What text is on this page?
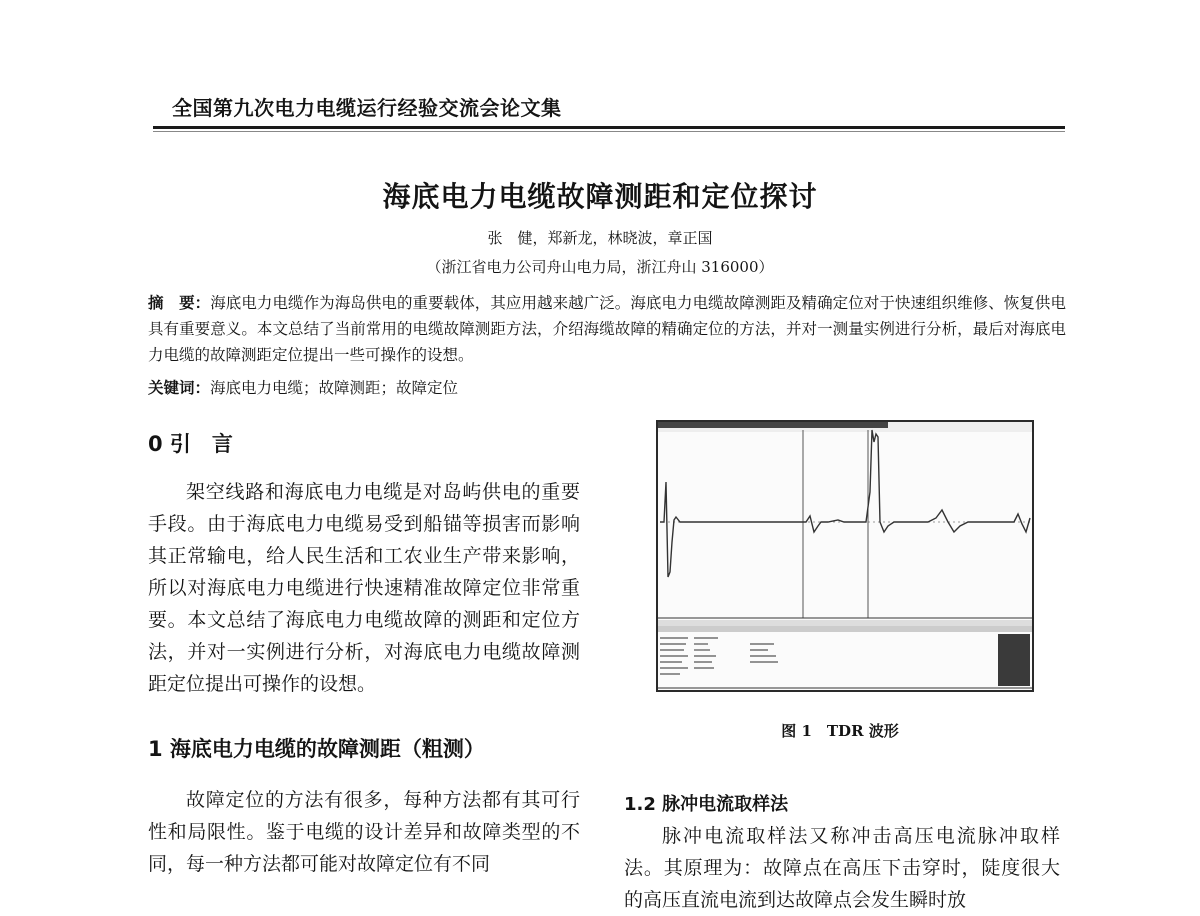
全国第九次电力电缆运行经验交流会论文集
海底电力电缆故障测距和定位探讨
张　健，郑新龙，林晓波，章正国
（浙江省电力公司舟山电力局，浙江舟山 316000）
摘　要：海底电力电缆作为海岛供电的重要载体，其应用越来越广泛。海底电力电缆故障测距及精确定位对于快速组织维修、恢复供电具有重要意义。本文总结了当前常用的电缆故障测距方法，介绍海缆故障的精确定位的方法，并对一测量实例进行分析，最后对海底电力电缆的故障测距定位提出一些可操作的设想。
关键词：海底电力电缆；故障测距；故障定位
0 引　言

架空线路和海底电力电缆是对岛屿供电的重要手段。由于海底电力电缆易受到船锚等损害而影响其正常输电，给人民生活和工农业生产带来影响，所以对海底电力电缆进行快速精准故障定位非常重要。本文总结了海底电力电缆故障的测距和定位方法，并对一实例进行分析，对海底电力电缆故障测距定位提出可操作的设想。

1 海底电力电缆的故障测距（粗测）

故障定位的方法有很多，每种方法都有其可行性和局限性。鉴于电缆的设计差异和故障类型的不同，每一种方法都可能对故障定位有不同

图 1　TDR 波形
1.2 脉冲电流取样法

脉冲电流取样法又称冲击高压电流脉冲取样法。其原理为：故障点在高压下击穿时，陡度很大的高压直流电流到达故障点会发生瞬时放
